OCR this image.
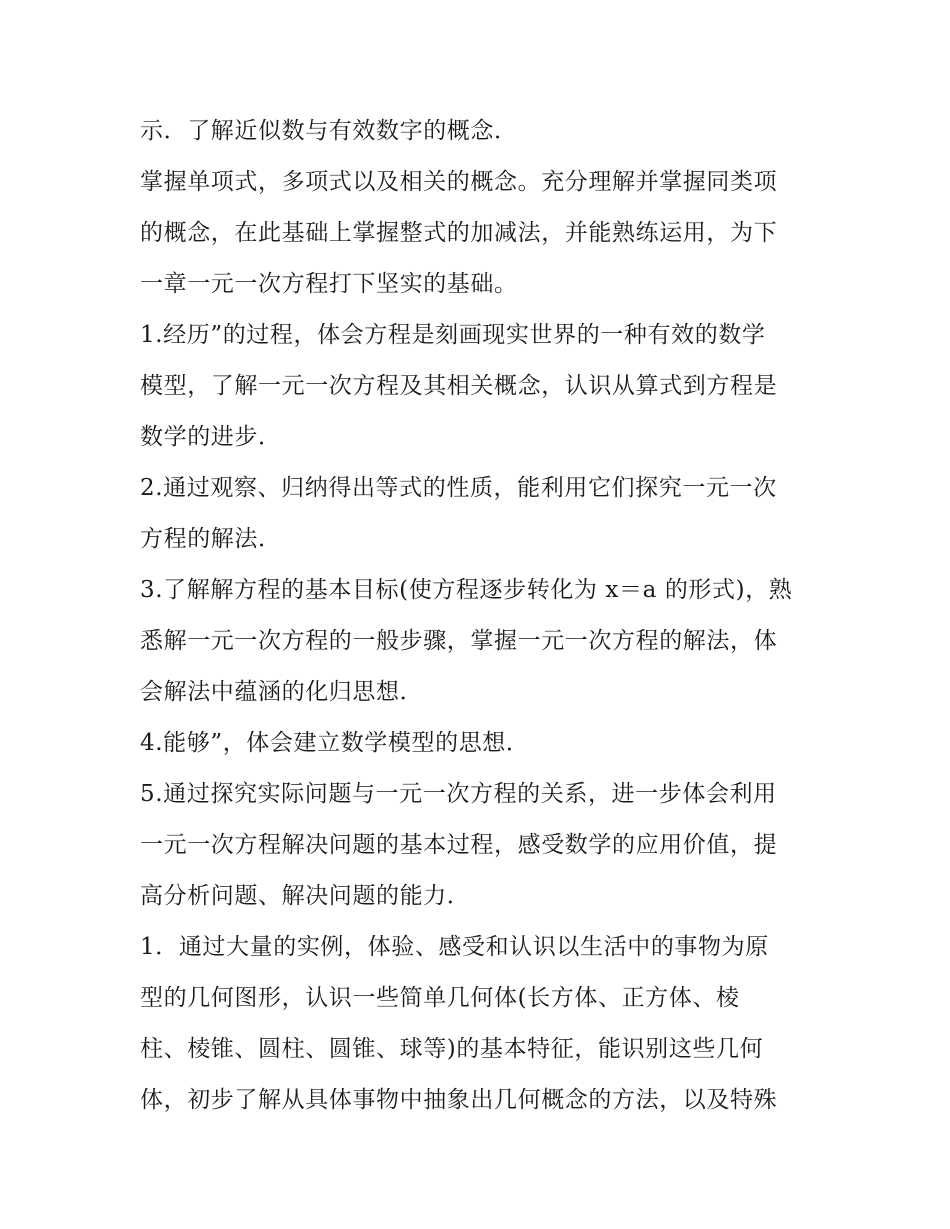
示．了解近似数与有效数字的概念．
掌握单项式，多项式以及相关的概念。充分理解并掌握同类项
的概念，在此基础上掌握整式的加减法，并能熟练运用，为下
一章一元一次方程打下坚实的基础。
1.经历”的过程，体会方程是刻画现实世界的一种有效的数学
模型，了解一元一次方程及其相关概念，认识从算式到方程是
数学的进步．
2.通过观察、归纳得出等式的性质，能利用它们探究一元一次
方程的解法．
3.了解解方程的基本目标(使方程逐步转化为 x＝a 的形式)，熟
悉解一元一次方程的一般步骤，掌握一元一次方程的解法，体
会解法中蕴涵的化归思想．
4.能够”，体会建立数学模型的思想．
5.通过探究实际问题与一元一次方程的关系，进一步体会利用
一元一次方程解决问题的基本过程，感受数学的应用价值，提
高分析问题、解决问题的能力．
1．通过大量的实例，体验、感受和认识以生活中的事物为原
型的几何图形，认识一些简单几何体(长方体、正方体、棱
柱、棱锥、圆柱、圆锥、球等)的基本特征，能识别这些几何
体，初步了解从具体事物中抽象出几何概念的方法，以及特殊
